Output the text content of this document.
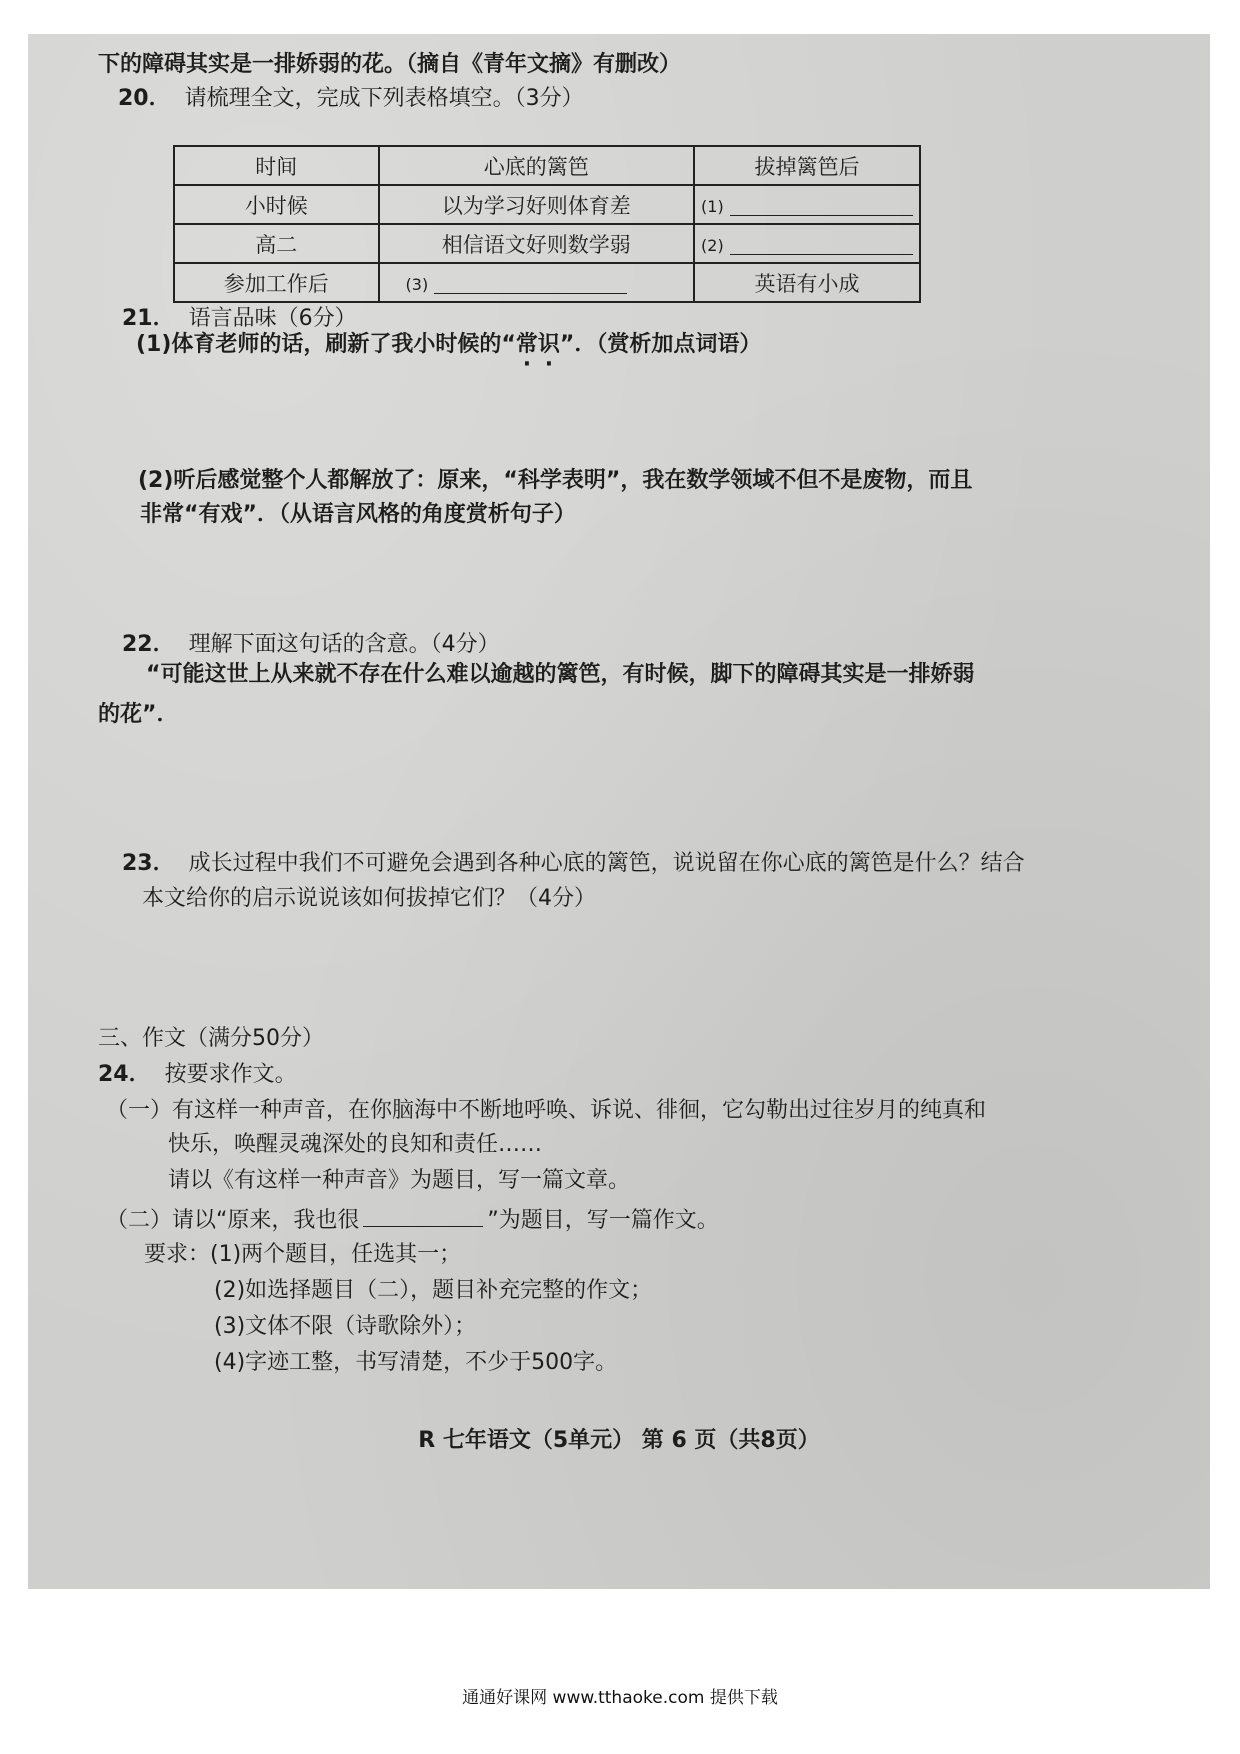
下的障碍其实是一排娇弱的花。（摘自《青年文摘》有删改）
20． 请梳理全文，完成下列表格填空。（3分）
时间	心底的篱笆	拔掉篱笆后
小时候	以为学习好则体育差	(1)

高二	相信语文好则数学弱	(2)

参加工作后	(3)	英语有小成
21． 语言品味（6分）
(1)体育老师的话，刷新了我小时候的“常识”．（赏析加点词语）
(2)听后感觉整个人都解放了：原来，“科学表明”，我在数学领域不但不是废物，而且
非常“有戏”．（从语言风格的角度赏析句子）
22． 理解下面这句话的含意。（4分）
“可能这世上从来就不存在什么难以逾越的篱笆，有时候，脚下的障碍其实是一排娇弱
的花”．
23． 成长过程中我们不可避免会遇到各种心底的篱笆，说说留在你心底的篱笆是什么？结合
本文给你的启示说说该如何拔掉它们？（4分）
三、作文（满分50分）
24． 按要求作文。
（一）有这样一种声音，在你脑海中不断地呼唤、诉说、徘徊，它勾勒出过往岁月的纯真和
快乐，唤醒灵魂深处的良知和责任……
请以《有这样一种声音》为题目，写一篇文章。
（二）请以“原来，我也很	”为题目，写一篇作文。
要求：(1)两个题目，任选其一；
(2)如选择题目（二），题目补充完整的作文；
(3)文体不限（诗歌除外）；
(4)字迹工整，书写清楚，不少于500字。
R 七年语文（5单元） 第 6 页（共8页）
通通好课网 www.tthaoke.com 提供下载
